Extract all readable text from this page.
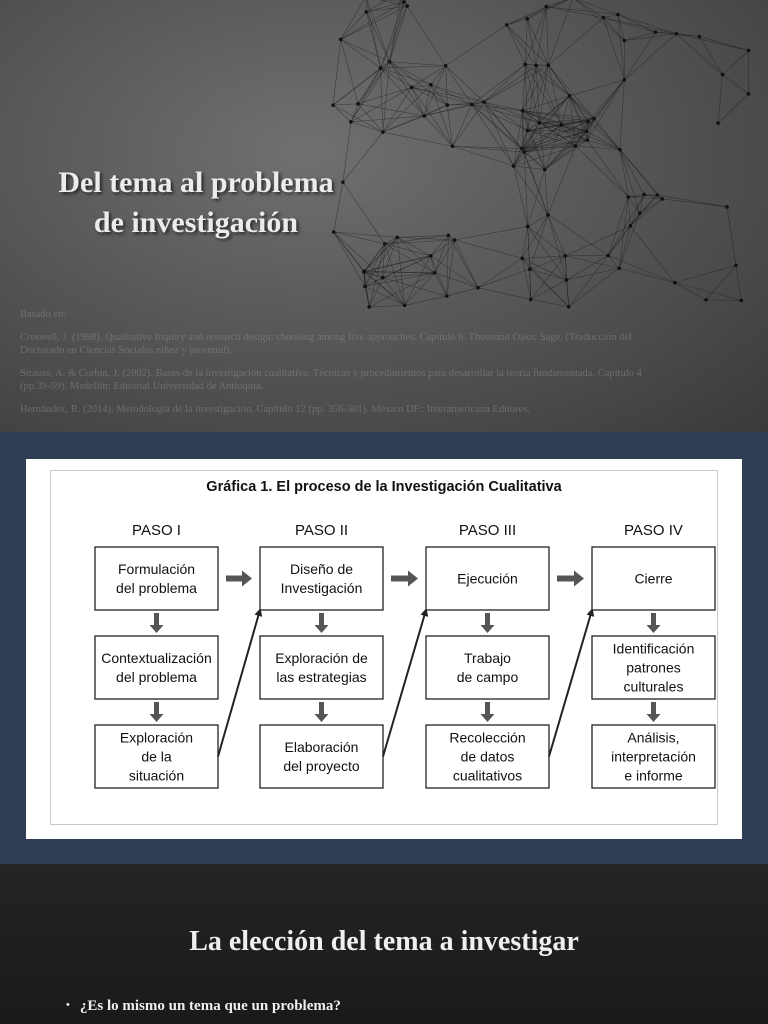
Del tema al problema
de investigación

Basado en:

Creswell, J. (1998). Qualitative Inquiry and research design: choosing among five approaches. Capítulo 6. Thousand Oaks: Sage. (Traducción del Doctorado en Ciencias Sociales niñez y juventud).

Strauss, A. & Corbin, J. (2002). Bases de la investigación cualitativa. Técnicas y procedimientos para desarrollar la teoría fundamentada. Capítulo 4 (pp.39-59). Medellín: Editorial Universidad de Antioquia.

Hernández, R. (2014). Metodología de la investigación. Capítulo 12 (pp. 356-381). México DF.: Interamericana Editores.

Gráfica 1. El proceso de la Investigación Cualitativa
PASO I
Formulación
del problema
Contextualización
del problema
Exploración
de la
situación
PASO II
Diseño de
Investigación
Exploración de
las estrategias
Elaboración
del proyecto
PASO III
Ejecución
Trabajo
de campo
Recolección
de datos
cualitativos
PASO IV
Cierre
Identificación
patrones
culturales
Análisis,
interpretación
e informe
La elección del tema a investigar
• ¿Es lo mismo un tema que un problema?
